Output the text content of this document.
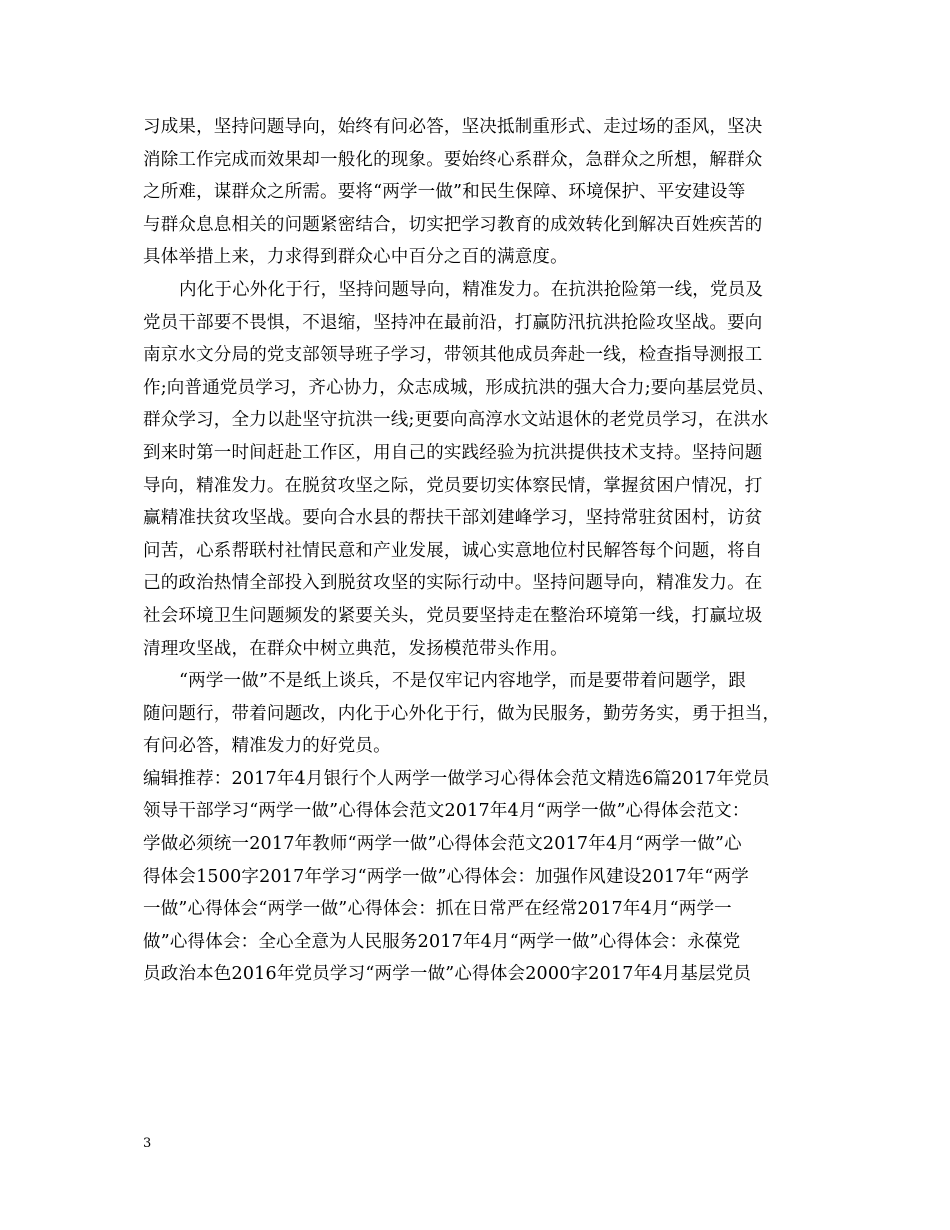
习成果，坚持问题导向，始终有问必答，坚决抵制重形式、走过场的歪风，坚决
消除工作完成而效果却一般化的现象。要始终心系群众，急群众之所想，解群众
之所难，谋群众之所需。要将“两学一做”和民生保障、环境保护、平安建设等
与群众息息相关的问题紧密结合，切实把学习教育的成效转化到解决百姓疾苦的
具体举措上来，力求得到群众心中百分之百的满意度。
内化于心外化于行，坚持问题导向，精准发力。在抗洪抢险第一线，党员及
党员干部要不畏惧，不退缩，坚持冲在最前沿，打赢防汛抗洪抢险攻坚战。要向
南京水文分局的党支部领导班子学习，带领其他成员奔赴一线，检查指导测报工
作;向普通党员学习，齐心协力，众志成城，形成抗洪的强大合力;要向基层党员、
群众学习，全力以赴坚守抗洪一线;更要向高淳水文站退休的老党员学习，在洪水
到来时第一时间赶赴工作区，用自己的实践经验为抗洪提供技术支持。坚持问题
导向，精准发力。在脱贫攻坚之际，党员要切实体察民情，掌握贫困户情况，打
赢精准扶贫攻坚战。要向合水县的帮扶干部刘建峰学习，坚持常驻贫困村，访贫
问苦，心系帮联村社情民意和产业发展，诚心实意地位村民解答每个问题，将自
己的政治热情全部投入到脱贫攻坚的实际行动中。坚持问题导向，精准发力。在
社会环境卫生问题频发的紧要关头，党员要坚持走在整治环境第一线，打赢垃圾
清理攻坚战，在群众中树立典范，发扬模范带头作用。
“两学一做”不是纸上谈兵，不是仅牢记内容地学，而是要带着问题学，跟
随问题行，带着问题改，内化于心外化于行，做为民服务，勤劳务实，勇于担当，
有问必答，精准发力的好党员。
编辑推荐：2017年4月银行个人两学一做学习心得体会范文精选6篇2017年党员
领导干部学习“两学一做”心得体会范文2017年4月“两学一做”心得体会范文：
学做必须统一2017年教师“两学一做”心得体会范文2017年4月“两学一做”心
得体会1500字2017年学习“两学一做”心得体会：加强作风建设2017年“两学
一做”心得体会“两学一做”心得体会：抓在日常严在经常2017年4月“两学一
做”心得体会：全心全意为人民服务2017年4月“两学一做”心得体会：永葆党
员政治本色2016年党员学习“两学一做”心得体会2000字2017年4月基层党员
3
